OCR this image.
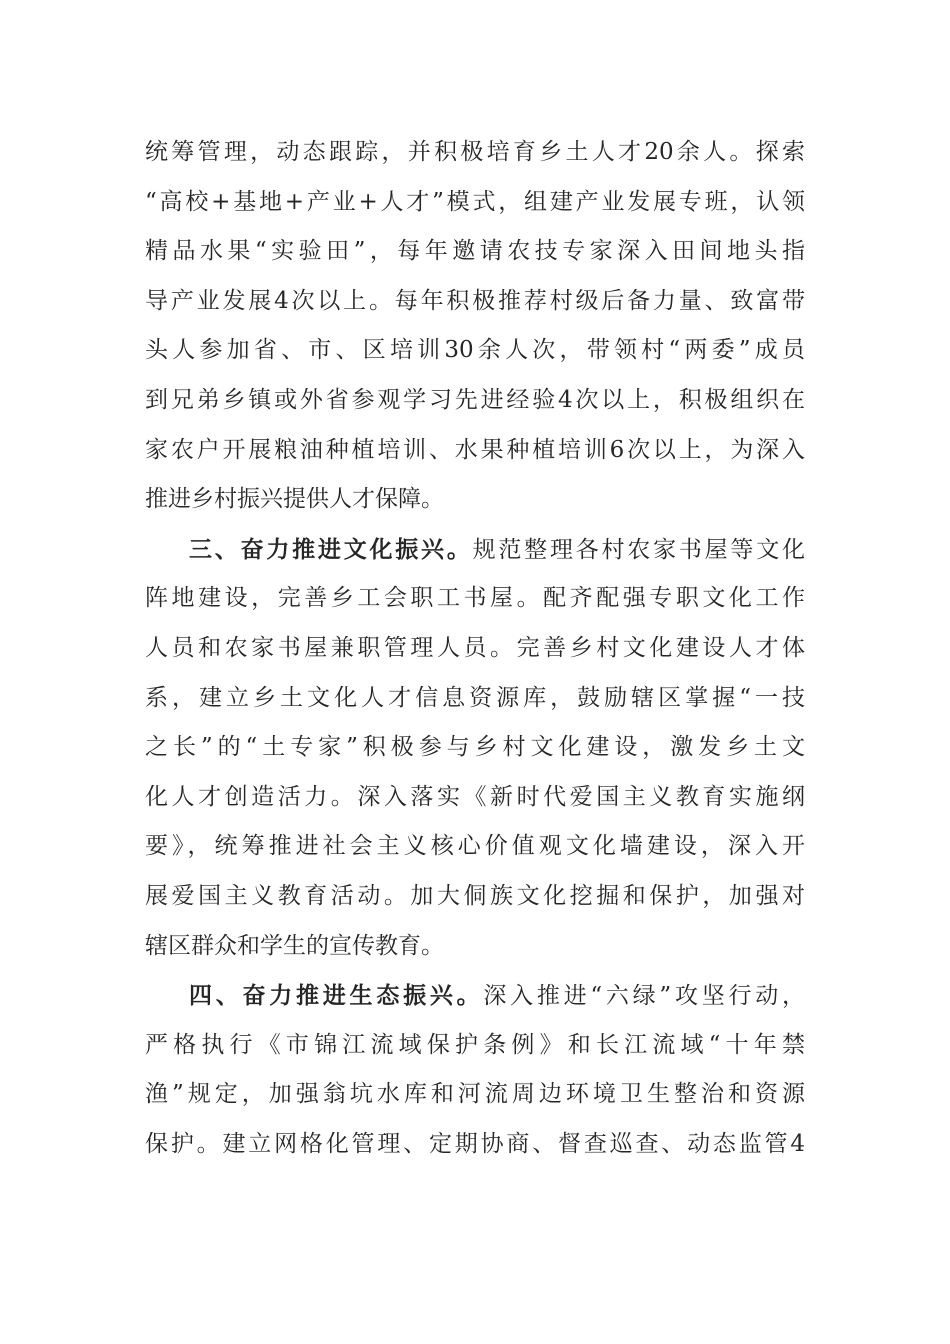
统筹管理，动态跟踪，并积极培育乡土人才20余人。探索
“高校+基地+产业+人才”模式，组建产业发展专班，认领
精品水果“实验田”，每年邀请农技专家深入田间地头指
导产业发展4次以上。每年积极推荐村级后备力量、致富带
头人参加省、市、区培训30余人次，带领村“两委”成员
到兄弟乡镇或外省参观学习先进经验4次以上，积极组织在
家农户开展粮油种植培训、水果种植培训6次以上，为深入
推进乡村振兴提供人才保障。
三、奋力推进文化振兴。规范整理各村农家书屋等文化
阵地建设，完善乡工会职工书屋。配齐配强专职文化工作
人员和农家书屋兼职管理人员。完善乡村文化建设人才体
系，建立乡土文化人才信息资源库，鼓励辖区掌握“一技
之长”的“土专家”积极参与乡村文化建设，激发乡土文
化人才创造活力。深入落实《新时代爱国主义教育实施纲
要》，统筹推进社会主义核心价值观文化墙建设，深入开
展爱国主义教育活动。加大侗族文化挖掘和保护，加强对
辖区群众和学生的宣传教育。
四、奋力推进生态振兴。深入推进“六绿”攻坚行动，
严格执行《市锦江流域保护条例》和长江流域“十年禁
渔”规定，加强翁坑水库和河流周边环境卫生整治和资源
保护。建立网格化管理、定期协商、督查巡查、动态监管4
